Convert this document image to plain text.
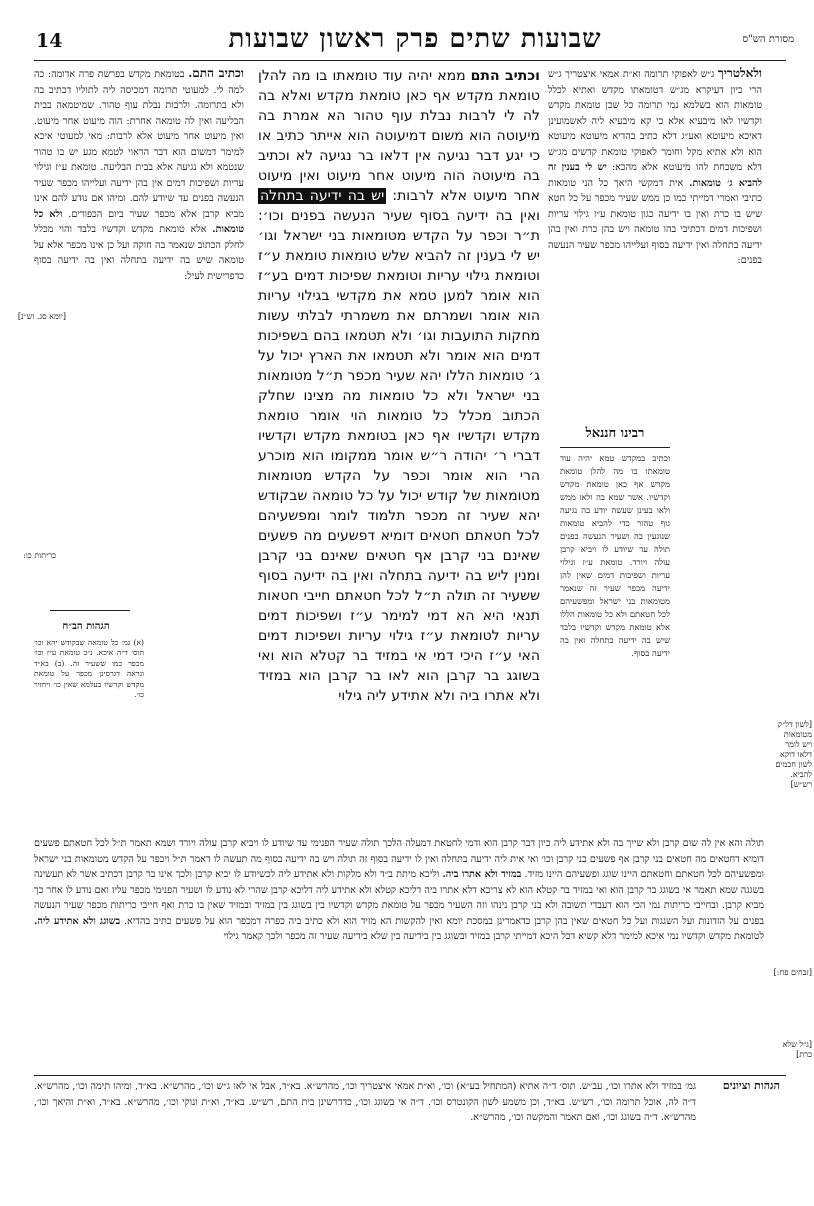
14	שבועות שתים פרק ראשון שבועות	מסורת הש"ס

ולאלטריך ג״ש לאפוקי תרומה וא״ת אמאי איצטריך ג״ש הרי כיון דעיקרא מג״ש דטומאתו מקדש ואתיא לכלל טומאות הוא בשלמא נמי תרומה כל שכן טומאת מקדש וקדשיו לאו מיבעיא אלא כי קא מיבעיא ליה לאשמועינן דאיכא מיעוטא ואע״ג דלא כתיב בהדיא מיעוטא מיעוטא הוא ולא אתיא מקל וחומר לאפוקי טומאת קדשים מג״ש דלא משכחת להו מיעוטא אלא מהכא: יש לי בענין זה להביא ג׳ טומאות. אית דמקשי היאך כל הני טומאות כתיבי ואמרי דמייתי כמו כן ממש שעיר מכפר על כל חטא שיש בו כרת ואין בו ידיעה כגון טומאת ע״ז גילוי עריות ושפיכות דמים דכתיבי בהו טומאה ויש בהן כרת ואין בהן ידיעה בתחלה ואין ידיעה בסוף ועלייהו מכפר שעיר הנעשה בפנים:

[לשון דל״ק מטומאות ויש לומר דלאו דוקא לשון חכמים להביא. רש״ש]
רבינו חננאל
וכתיב במקדש טמא יהיה עוד טומאתו בו מה להלן טומאת מקדש אף כאן טומאת מקדש וקדשיו. אשר שמא בה ולאו ממש ולאו בעינן שעשה יודע בה נגיעה גוף טהור כדי להביא טומאות שנוגעין בה ושעיר הנעשה בפנים תולה עד שיודע לו ויביא קרבן עולה ויורד. טומאת ע״ז וגילוי עריות ושפיכות דמים שאין להן ידיעה מכפר שעיר זה שנאמר מטומאות בני ישראל ומפשעיהם לכל חטאתם ולא כל טומאות הללו אלא טומאת מקדש וקדשיו בלבד שיש בה ידיעה בתחלה ואין בה ידיעה בסוף.

וכתיב התם ממא יהיה עוד טומאתו בו מה להלן טומאת מקדש אף כאן טומאת מקדש ואלא בה לה לי לרבות נבלת עוף טהור הא אמרת בה מיעוטה הוא משום דמיעוטה הוא אייתר כתיב או כי יגע דבר נגיעה אין דלאו בר נגיעה לא וכתיב בה מיעוטה הוה מיעוט אחר מיעוט ואין מיעוט אחר מיעוט אלא לרבות: יש בה ידיעה בתחלה ואין בה ידיעה בסוף שעיר הנעשה בפנים וכו׳: ת״ר וכפר על הקדש מטומאות בני ישראל וגו׳ יש לי בענין זה להביא שלש טומאות טומאת ע״ז וטומאת גילוי עריות וטומאת שפיכות דמים בע״ז הוא אומר למען טמא את מקדשי בגילוי עריות הוא אומר ושמרתם את משמרתי לבלתי עשות מחקות התועבות וגו׳ ולא תטמאו בהם בשפיכות דמים הוא אומר ולא תטמאו את הארץ יכול על ג׳ טומאות הללו יהא שעיר מכפר ת״ל מטומאות בני ישראל ולא כל טומאות מה מצינו שחלק הכתוב מכלל כל טומאות הוי אומר טומאת מקדש וקדשיו אף כאן בטומאת מקדש וקדשיו דברי ר׳ יהודה ר״ש אומר ממקומו הוא מוכרע הרי הוא אומר וכפר על הקדש מטומאות מטומאות של קודש יכול על כל טומאה שבקודש יהא שעיר זה מכפר תלמוד לומר ומפשעיהם לכל חטאתם חטאים דומיא דפשעים מה פשעים שאינם בני קרבן אף חטאים שאינם בני קרבן ומנין ליש בה ידיעה בתחלה ואין בה ידיעה בסוף ששעיר זה תולה ת״ל לכל חטאתם חייבי חטאות תנאי היא הא דמי למימר ע״ז ושפיכות דמים עריות לטומאת ע״ז גילוי עריות ושפיכות דמים האי ע״ז היכי דמי אי במזיד בר קטלא הוא ואי בשוגג בר קרבן הוא לאו בר קרבן הוא במזיד ולא אתרו ביה ולא אתידע ליה גילוי

וכתיב התם. בטומאת מקדש בפרשת פרה אדומה: כה למה לי. למעוטי תרומה דמכיסה ליה לתוליו דכתיב בה ולא בתרומה. ולרבות נבלת עוף טהור. שמיטמאה בבית הבליעה ואין לה טומאה אחרת: הוה מיעוט אחר מיעוט. ואין מיעוט אחר מיעוט אלא לרבות: מאי למעוטי איכא למימר דמשום הוא דבר הראוי לטמא מגע יש בו טהור שנטמא ולא נגיעה אלא בבית הבליעה. טומאת ע״ז וגילוי עריות ושפיכות דמים אין בהן ידיעה ועלייהו מכפר שעיר הנעשה בפנים עד שיודע להם. ומיהו אם נודע להם אינו מביא קרבן אלא מכפר שעיר ביום הכפורים. ולא כל טומאות. אלא טומאת מקדש וקדשיו בלבד והוי מכלל לחלק הכתוב שנאמר בה חוקה ועל כן אינו מכפר אלא על טומאה שיש בה ידיעה בתחלה ואין בה ידיעה בסוף כדפרישית לעיל:

[יומא סג. וש״נ]
כריתות כו:
הגהות הב״ח
(א) גמ׳ כל טומאה שבקודש יהא וכו׳ תוס׳ ד״ה איכא. נ״ב טומאת ע״ז וכו׳ מכפר כמו ששעיר זה. (ב) בא״ד ונראה דגרסינן מכפר על טומאת מקדש וקדשיו בעלמא שאין כו׳ ויחזיר כו׳.

תולה והא אין לה שום קרבן ולא שייך בה ולא אתידע ליה כיון דבר קרבן הוא ודמי לחטאת דמעלה הלכך תולה שעיר הפנימי עד שיודע לו ויביא קרבן עולה ויורד ושמא תאמר ת״ל לכל חטאתם פשעים דומיא דחטאים מה חטאים בני קרבן אף פשעים בני קרבן וכו׳ ואי אית ליה ידיעה בתחלה ואין לו ידיעה בסוף זה תולה ויש בה ידיעה בסוף מה תעשה לו דאמר ת״ל ויכפר על הקדש מטומאות בני ישראל ומפשעיהם לכל חטאתם וחטאתם היינו שוגג ופשעיהם היינו מזיד. במזיד ולא אתרו ביה. וליכא מיתת ב״ד ולא מלקות ולא אתידע ליה לכשיודע לו יביא קרבן ולכך אינו בר קרבן דכתיב אשר לא תעשינה בשגגה שמא תאמר אי בשוגג בר קרבן הוא ואי במזיד בר קטלא הוא לא צריכא דלא אתרו ביה דליכא קטלא ולא אתידע ליה דליכא קרבן שהרי לא נודע לו ושעיר הפנימי מכפר עליו ואם נודע לו אחר כך מביא קרבן. ובחייבי כריתות נמי הכי הוא דעבדי תשובה ולא בני קרבן נינהו וזה השעיר מכפר על טומאת מקדש וקדשיו בין בשוגג בין במזיד ובמזיד שאין בו כרת ואף חייבי כריתות מכפר שעיר הנעשה בפנים על הזדונות ועל השגגות ועל כל חטאים שאין בהן קרבן כדאמרינן במסכת יומא ואין להקשות הא מזיד הוא ולא כתיב ביה כפרה דמכפר הוא על פשעים כתיב בהדיא. בשוגג ולא אתידע ליה. לטומאת מקדש וקדשיו נמי איכא למימר דלא קשיא דכל היכא דמייתי קרבן במזיד ובשוגג בין בידיעה בין שלא בידיעה שעיר זה מכפר ולכך קאמר גילוי

[זבחים פח:]
[ג״ל שלא כרת]
הגהות וציונים
גמ׳ במזיד ולא אתרו וכו׳, עב״ש. תוס׳ ד״ה אתיא (המתחיל בע״א) וכו׳, וא״ת אמאי איצטריך וכו׳, מהרש״א. בא״ד, אבל אי לאו ג״ש וכו׳, מהרש״א. בא״ד, ומיהו תימה וכו׳, מהרש״א. ד״ה לה, אוכל תרומה וכו׳, רש״ש. בא״ד, וכן משמע לשון הקונטרס וכו׳. ד״ה אי בשוגג וכו׳, כדדרשינן בית התם, רש״ש. בא״ד, וא״ת ונוקי וכו׳, מהרש״א. בא״ד, וא״ת והיאך וכו׳, מהרש״א. ד״ה בשוגג וכו׳, ואם תאמר והמקשה וכו׳, מהרש״א.
